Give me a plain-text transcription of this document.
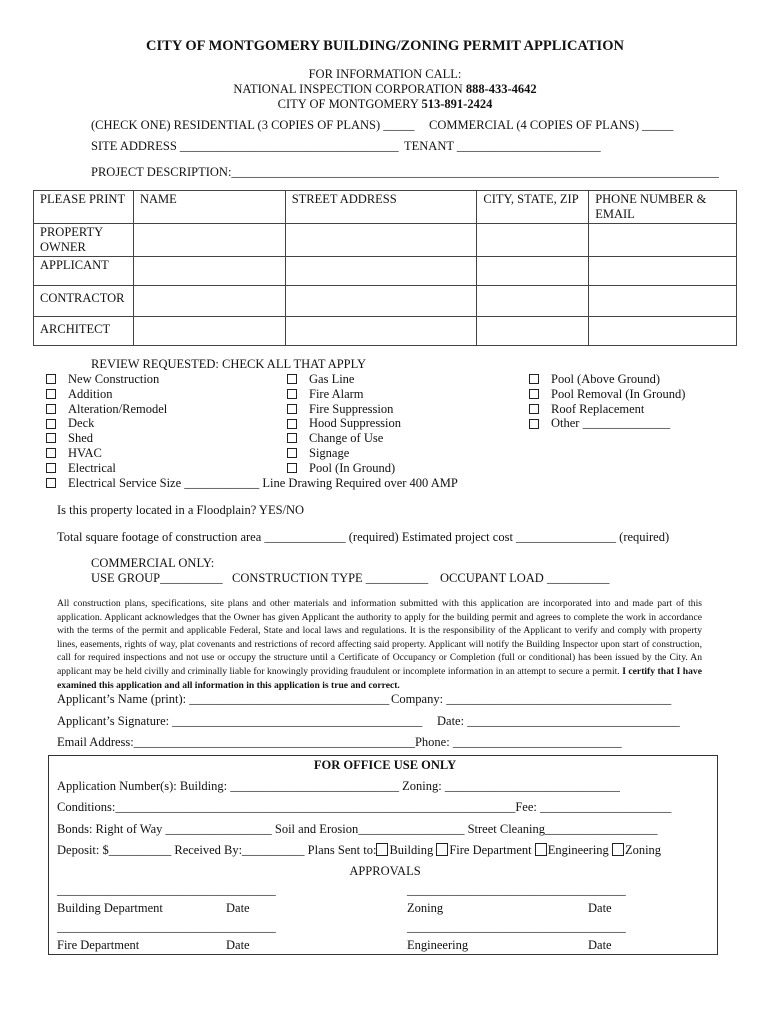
CITY OF MONTGOMERY BUILDING/ZONING PERMIT APPLICATION
FOR INFORMATION CALL:
NATIONAL INSPECTION CORPORATION 888-433-4642
CITY OF MONTGOMERY 513-891-2424
(CHECK ONE) RESIDENTIAL (3 COPIES OF PLANS) _____ COMMERCIAL (4 COPIES OF PLANS) _____
SITE ADDRESS ___________________________________ TENANT _______________________
PROJECT DESCRIPTION:______________________________________________________________________________
PLEASE PRINT	NAME	STREET ADDRESS	CITY, STATE, ZIP	PHONE NUMBER & EMAIL
PROPERTY OWNER				
APPLICANT				
CONTRACTOR				
ARCHITECT				
REVIEW REQUESTED: CHECK ALL THAT APPLY
New Construction
Addition
Alteration/Remodel
Deck
Shed
HVAC
Electrical
Electrical Service Size ____________ Line Drawing Required over 400 AMP
Gas Line
Fire Alarm
Fire Suppression
Hood Suppression
Change of Use
Signage
Pool (In Ground)
Pool (Above Ground)
Pool Removal (In Ground)
Roof Replacement
Other ______________
Is this property located in a Floodplain? YES/NO
Total square footage of construction area _____________ (required) Estimated project cost ________________ (required)
COMMERCIAL ONLY:
USE GROUP__________ CONSTRUCTION TYPE __________ OCCUPANT LOAD __________
All construction plans, specifications, site plans and other materials and information submitted with this application are incorporated into and made part of this application. Applicant acknowledges that the Owner has given Applicant the authority to apply for the building permit and agrees to complete the work in accordance with the terms of the permit and applicable Federal, State and local laws and regulations. It is the responsibility of the Applicant to verify and comply with property lines, easements, rights of way, plat covenants and restrictions of record affecting said property. Applicant will notify the Building Inspector upon start of construction, call for required inspections and not use or occupy the structure until a Certificate of Occupancy or Completion (full or conditional) has been issued by the City. An applicant may be held civilly and criminally liable for knowingly providing fraudulent or incomplete information in an attempt to secure a permit. I certify that I have examined this application and all information in this application is true and correct.
Applicant’s Name (print): ________________________________ Company: ____________________________________
Applicant’s Signature: ________________________________________ Date: __________________________________
Email Address:_____________________________________________Phone: ___________________________
FOR OFFICE USE ONLY
Application Number(s): Building: ___________________________ Zoning: ____________________________
Conditions:________________________________________________________________Fee: _____________________
Bonds: Right of Way _________________ Soil and Erosion_________________ Street Cleaning__________________
Deposit: $__________ Received By:__________ Plans Sent to: Building Fire Department Engineering Zoning
APPROVALS
___________________________________	___________________________________
Building Department	Date	Zoning	Date
___________________________________	___________________________________
Fire Department	Date	Engineering	Date
